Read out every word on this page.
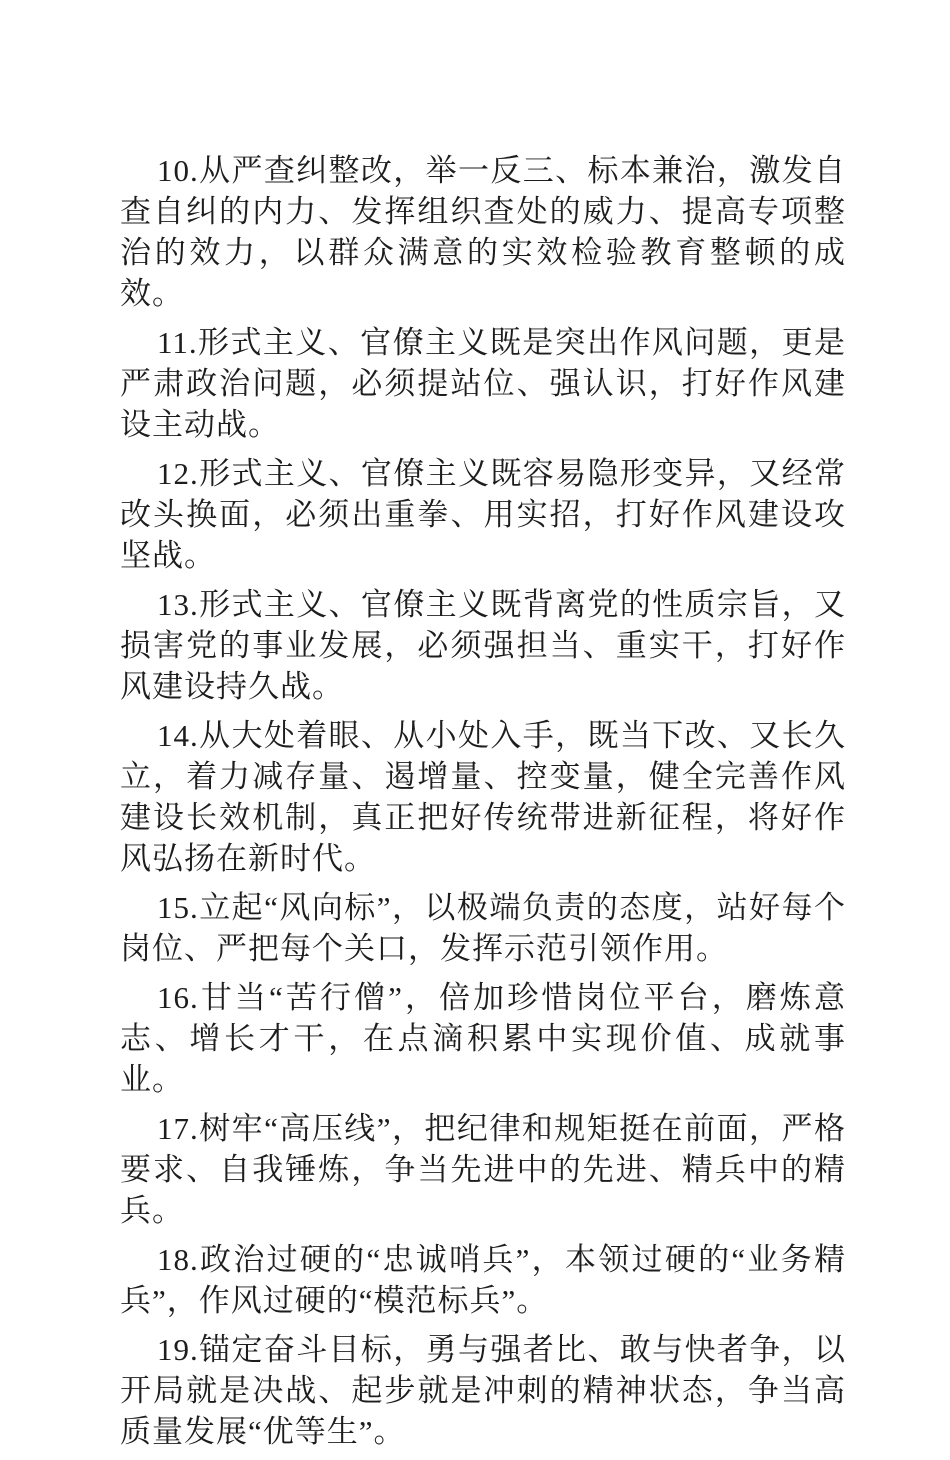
10.从严查纠整改，举一反三、标本兼治，激发自查自纠的内力、发挥组织查处的威力、提高专项整治的效力，以群众满意的实效检验教育整顿的成效。

11.形式主义、官僚主义既是突出作风问题，更是严肃政治问题，必须提站位、强认识，打好作风建设主动战。

12.形式主义、官僚主义既容易隐形变异，又经常改头换面，必须出重拳、用实招，打好作风建设攻坚战。

13.形式主义、官僚主义既背离党的性质宗旨，又损害党的事业发展，必须强担当、重实干，打好作风建设持久战。

14.从大处着眼、从小处入手，既当下改、又长久立，着力减存量、遏增量、控变量，健全完善作风建设长效机制，真正把好传统带进新征程，将好作风弘扬在新时代。

15.立起“风向标”，以极端负责的态度，站好每个岗位、严把每个关口，发挥示范引领作用。

16.甘当“苦行僧”，倍加珍惜岗位平台，磨炼意志、增长才干，在点滴积累中实现价值、成就事业。

17.树牢“高压线”，把纪律和规矩挺在前面，严格要求、自我锤炼，争当先进中的先进、精兵中的精兵。

18.政治过硬的“忠诚哨兵”，本领过硬的“业务精兵”，作风过硬的“模范标兵”。

19.锚定奋斗目标，勇与强者比、敢与快者争，以开局就是决战、起步就是冲刺的精神状态，争当高质量发展“优等生”。
